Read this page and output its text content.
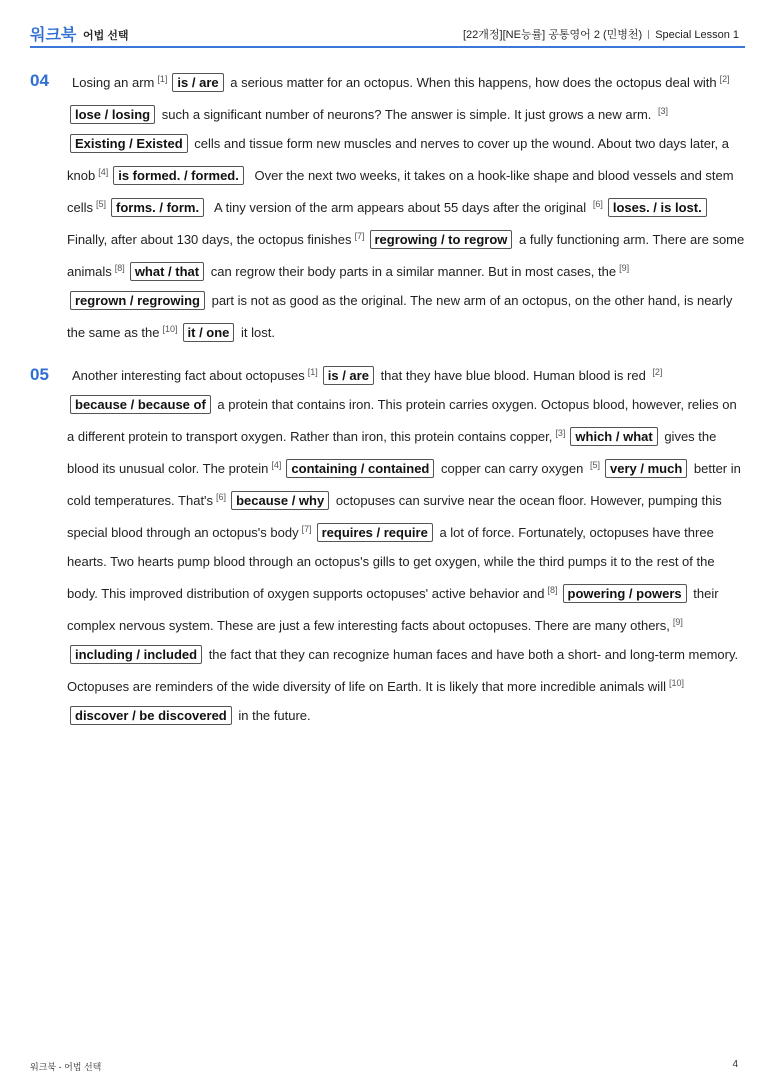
워크북 어법 선택	[22개정][NE능률] 공통영어 2 (민병천) Special Lesson 1
04	Losing an arm [1] is / are a serious matter for an octopus. When this happens, how does the octopus deal with [2]lose / losing such a significant number of neurons? The answer is simple. It just grows a new arm. [3]Existing / Existed cells and tissue form new muscles and nerves to cover up the wound. About two days later, a knob [4] is formed. / formed. Over the next two weeks, it takes on a hook-like shape and blood vessels and stem cells [5] forms. / form. A tiny version of the arm appears about 55 days after the original [6] loses. / is lost. Finally, after about 130 days, the octopus finishes [7] regrowing / to regrow a fully functioning arm. There are some animals [8] what / that can regrow their body parts in a similar manner. But in most cases, the [9]regrown / regrowing part is not as good as the original. The new arm of an octopus, on the other hand, is nearly the same as the [10] it / one it lost.
05	Another interesting fact about octopuses [1] is / are that they have blue blood. Human blood is red [2]because / because of a protein that contains iron. This protein carries oxygen. Octopus blood, however, relies on a different protein to transport oxygen. Rather than iron, this protein contains copper, [3] which / what gives the blood its unusual color. The protein [4] containing / contained copper can carry oxygen [5] very / much better in cold temperatures. That's [6] because / why octopuses can survive near the ocean floor. However, pumping this special blood through an octopus's body [7] requires / require a lot of force. Fortunately, octopuses have three hearts. Two hearts pump blood through an octopus's gills to get oxygen, while the third pumps it to the rest of the body. This improved distribution of oxygen supports octopuses' active behavior and [8] powering / powers their complex nervous system. These are just a few interesting facts about octopuses. There are many others, [9]including / included the fact that they can recognize human faces and have both a short- and long-term memory. Octopuses are reminders of the wide diversity of life on Earth. It is likely that more incredible animals will [10]discover / be discovered in the future.
워크북 - 어법 선택	4
